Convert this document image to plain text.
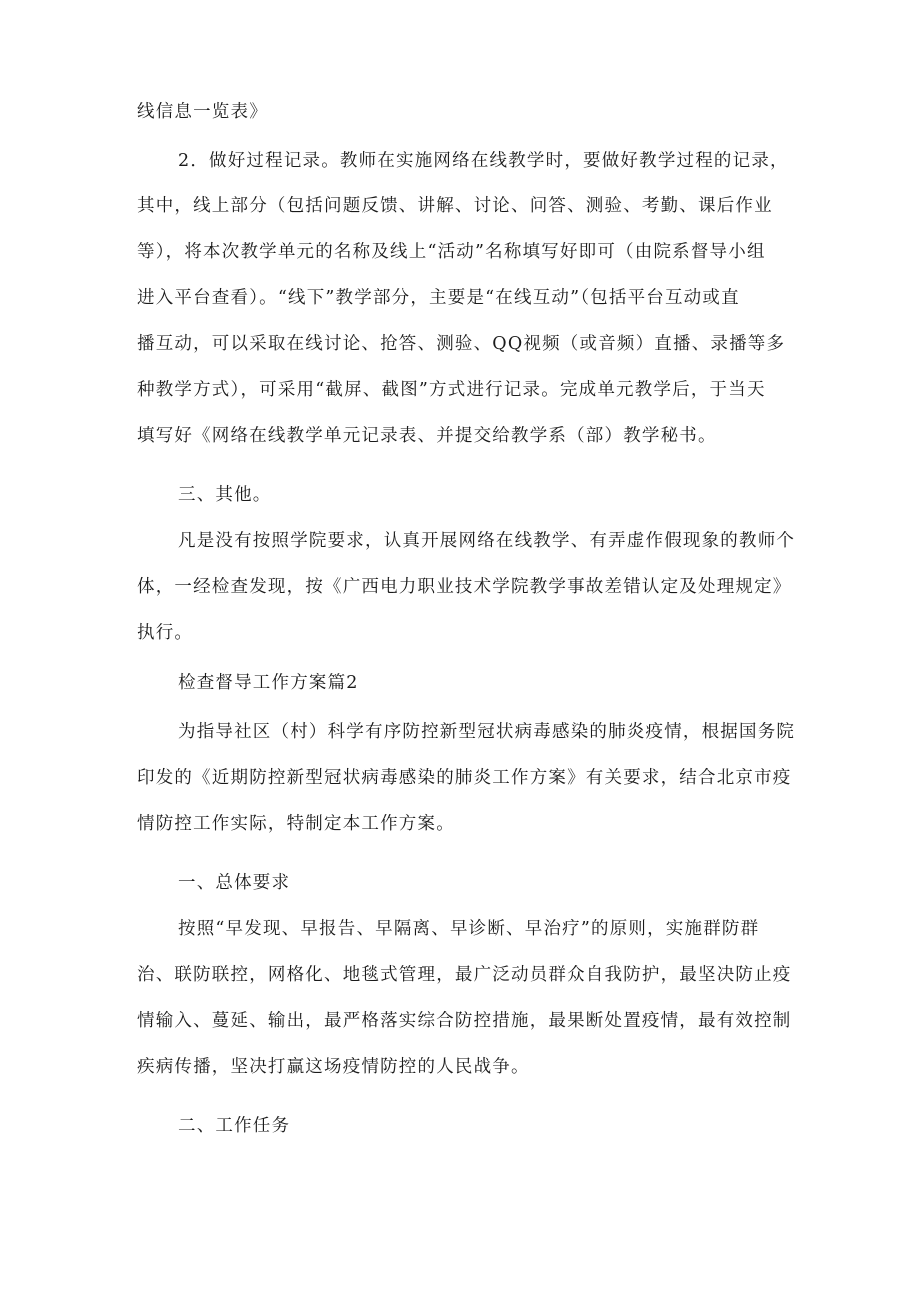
线信息一览表》
2．做好过程记录。教师在实施网络在线教学时，要做好教学过程的记录，
其中，线上部分（包括问题反馈、讲解、讨论、问答、测验、考勤、课后作业
等），将本次教学单元的名称及线上“活动”名称填写好即可（由院系督导小组
进入平台查看）。“线下”教学部分，主要是“在线互动”（包括平台互动或直
播互动，可以采取在线讨论、抢答、测验、QQ视频（或音频）直播、录播等多
种教学方式），可采用“截屏、截图”方式进行记录。完成单元教学后，于当天
填写好《网络在线教学单元记录表、并提交给教学系（部）教学秘书。
三、其他。
凡是没有按照学院要求，认真开展网络在线教学、有弄虚作假现象的教师个
体，一经检查发现，按《广西电力职业技术学院教学事故差错认定及处理规定》
执行。
检查督导工作方案篇2
为指导社区（村）科学有序防控新型冠状病毒感染的肺炎疫情，根据国务院
印发的《近期防控新型冠状病毒感染的肺炎工作方案》有关要求，结合北京市疫
情防控工作实际，特制定本工作方案。
一、总体要求
按照“早发现、早报告、早隔离、早诊断、早治疗”的原则，实施群防群
治、联防联控，网格化、地毯式管理，最广泛动员群众自我防护，最坚决防止疫
情输入、蔓延、输出，最严格落实综合防控措施，最果断处置疫情，最有效控制
疾病传播，坚决打赢这场疫情防控的人民战争。
二、工作任务
